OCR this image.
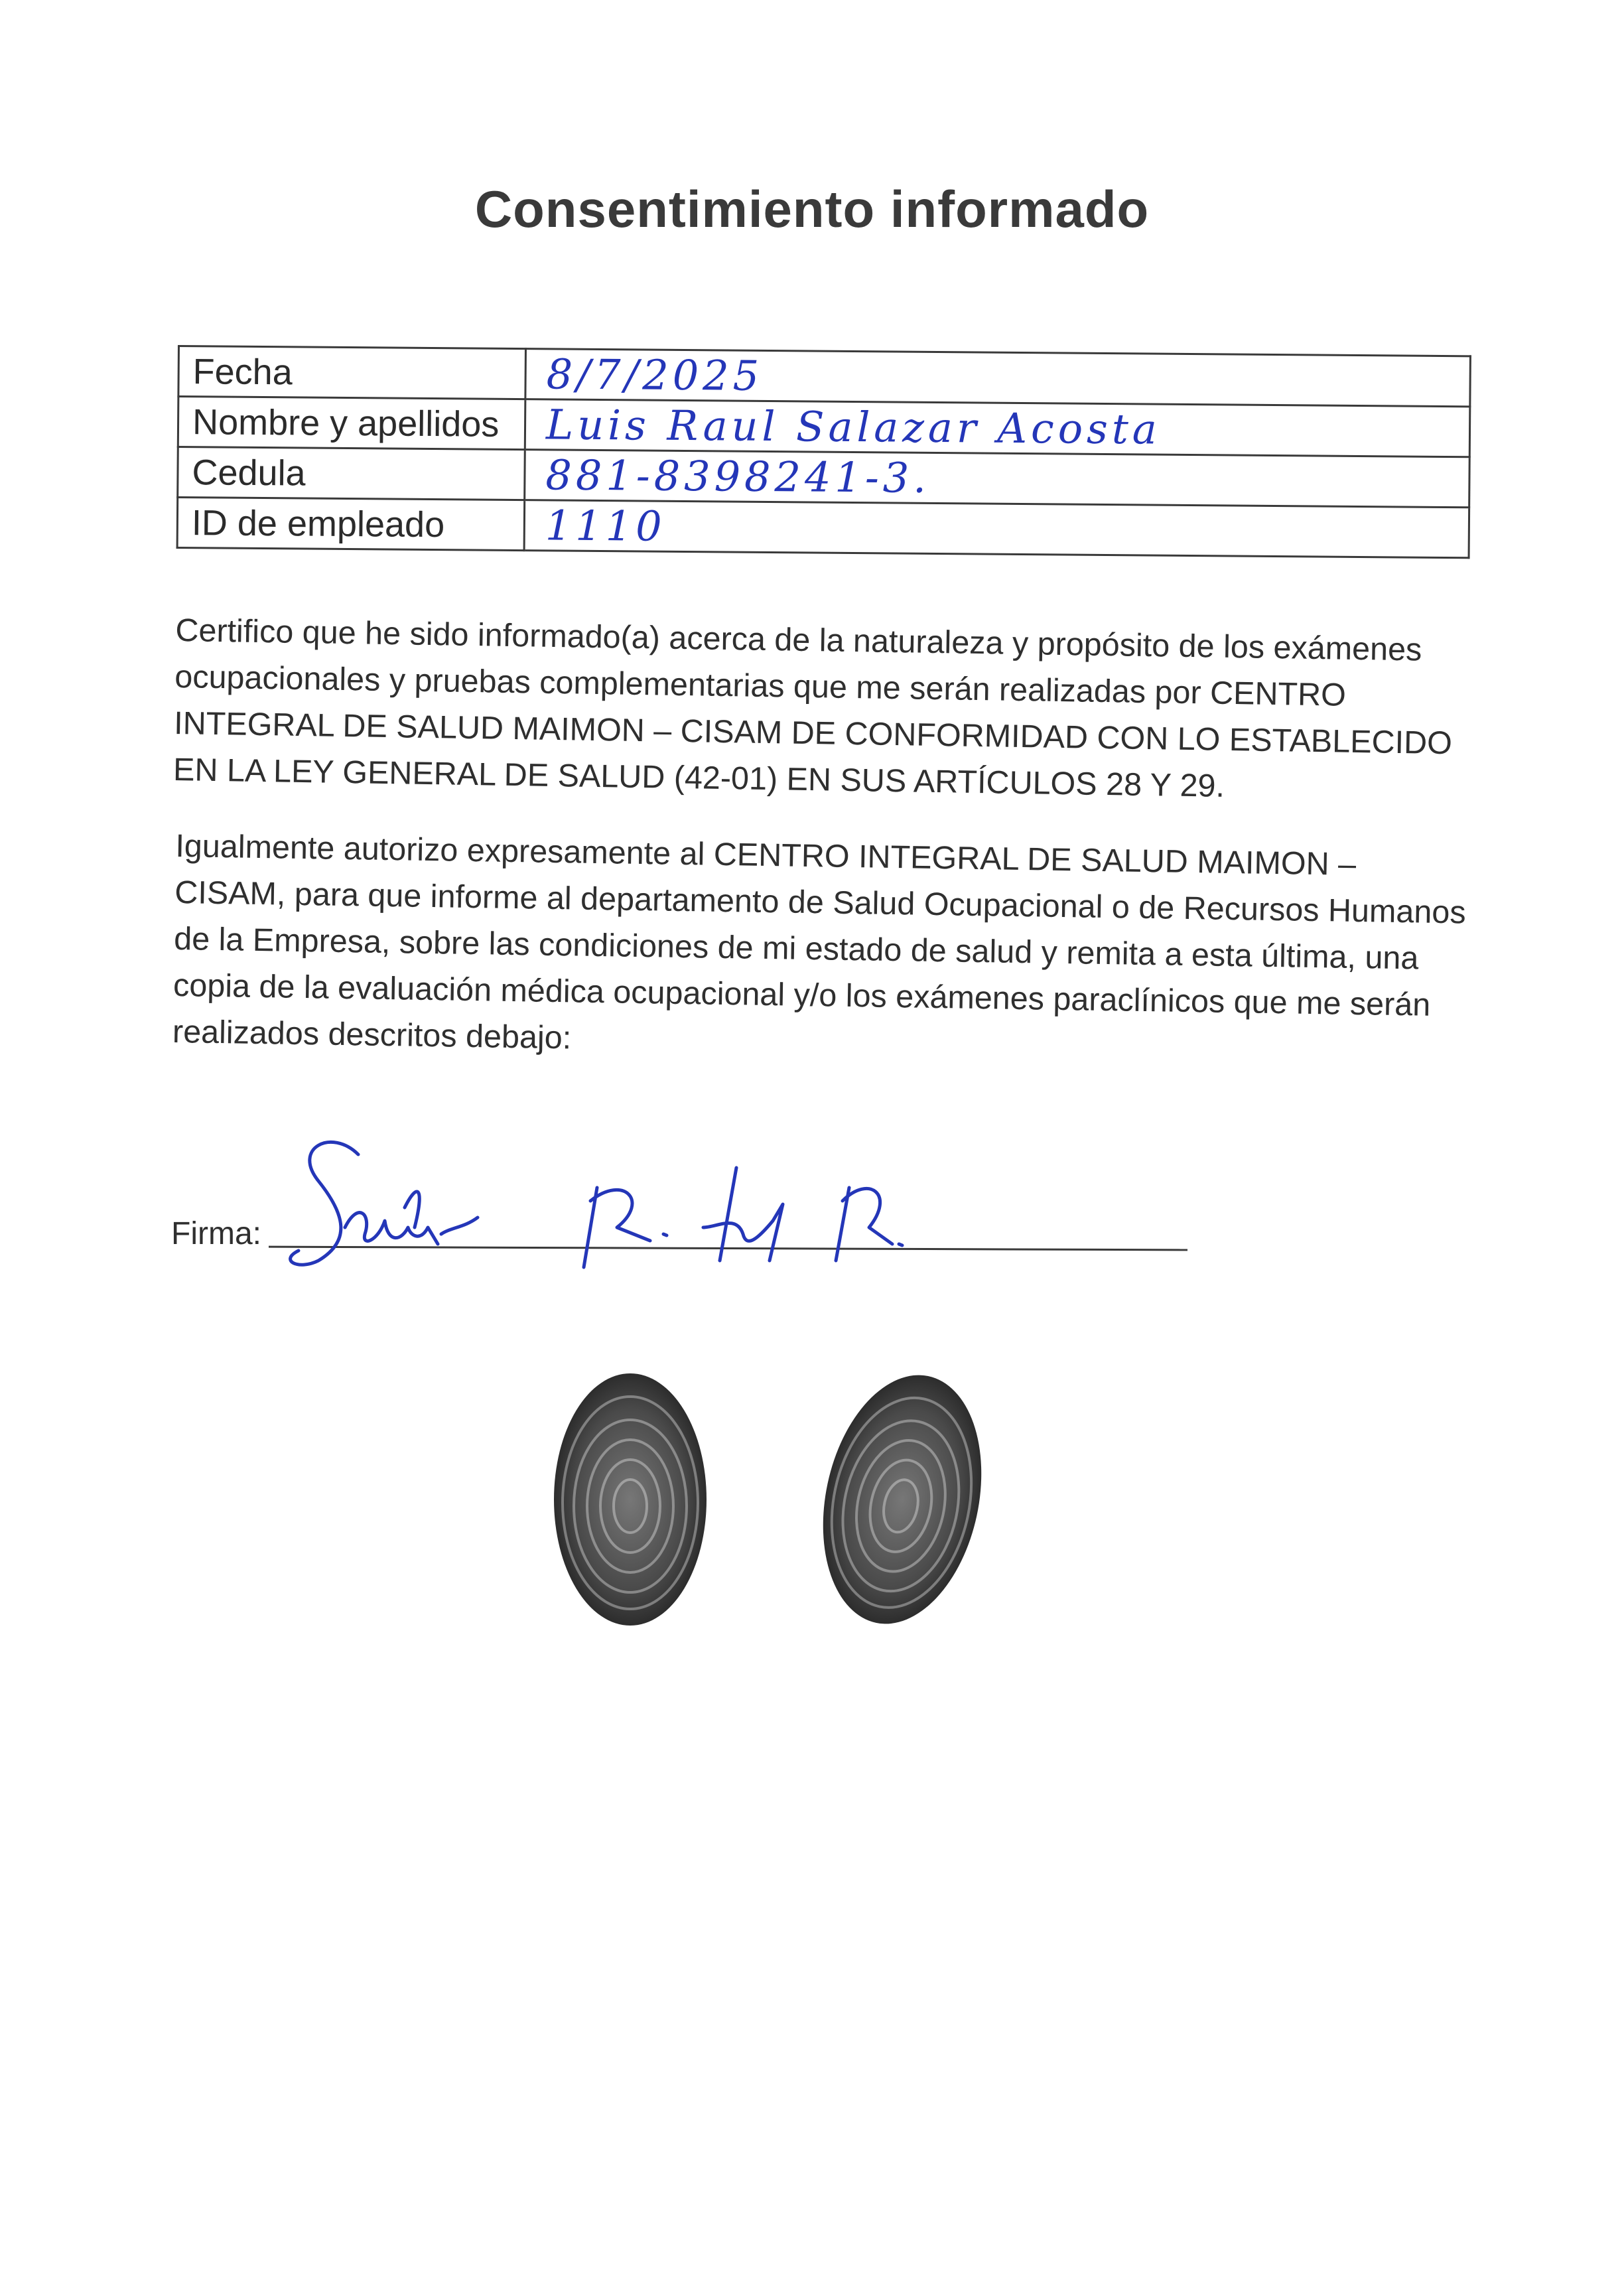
Consentimiento informado
Fecha	8/7/2025
Nombre y apellidos	Luis Raul Salazar Acosta
Cedula	881-8398241-3.
ID de empleado	1110
Certifico que he sido informado(a) acerca de la naturaleza y propósito de los exámenes ocupacionales y pruebas complementarias que me serán realizadas por CENTRO INTEGRAL DE SALUD MAIMON – CISAM DE CONFORMIDAD CON LO ESTABLECIDO EN LA LEY GENERAL DE SALUD (42-01) EN SUS ARTÍCULOS 28 Y 29.
Igualmente autorizo expresamente al CENTRO INTEGRAL DE SALUD MAIMON – CISAM, para que informe al departamento de Salud Ocupacional o de Recursos Humanos de la Empresa, sobre las condiciones de mi estado de salud y remita a esta última, una copia de la evaluación médica ocupacional y/o los exámenes paraclínicos que me serán realizados descritos debajo:
Firma:
